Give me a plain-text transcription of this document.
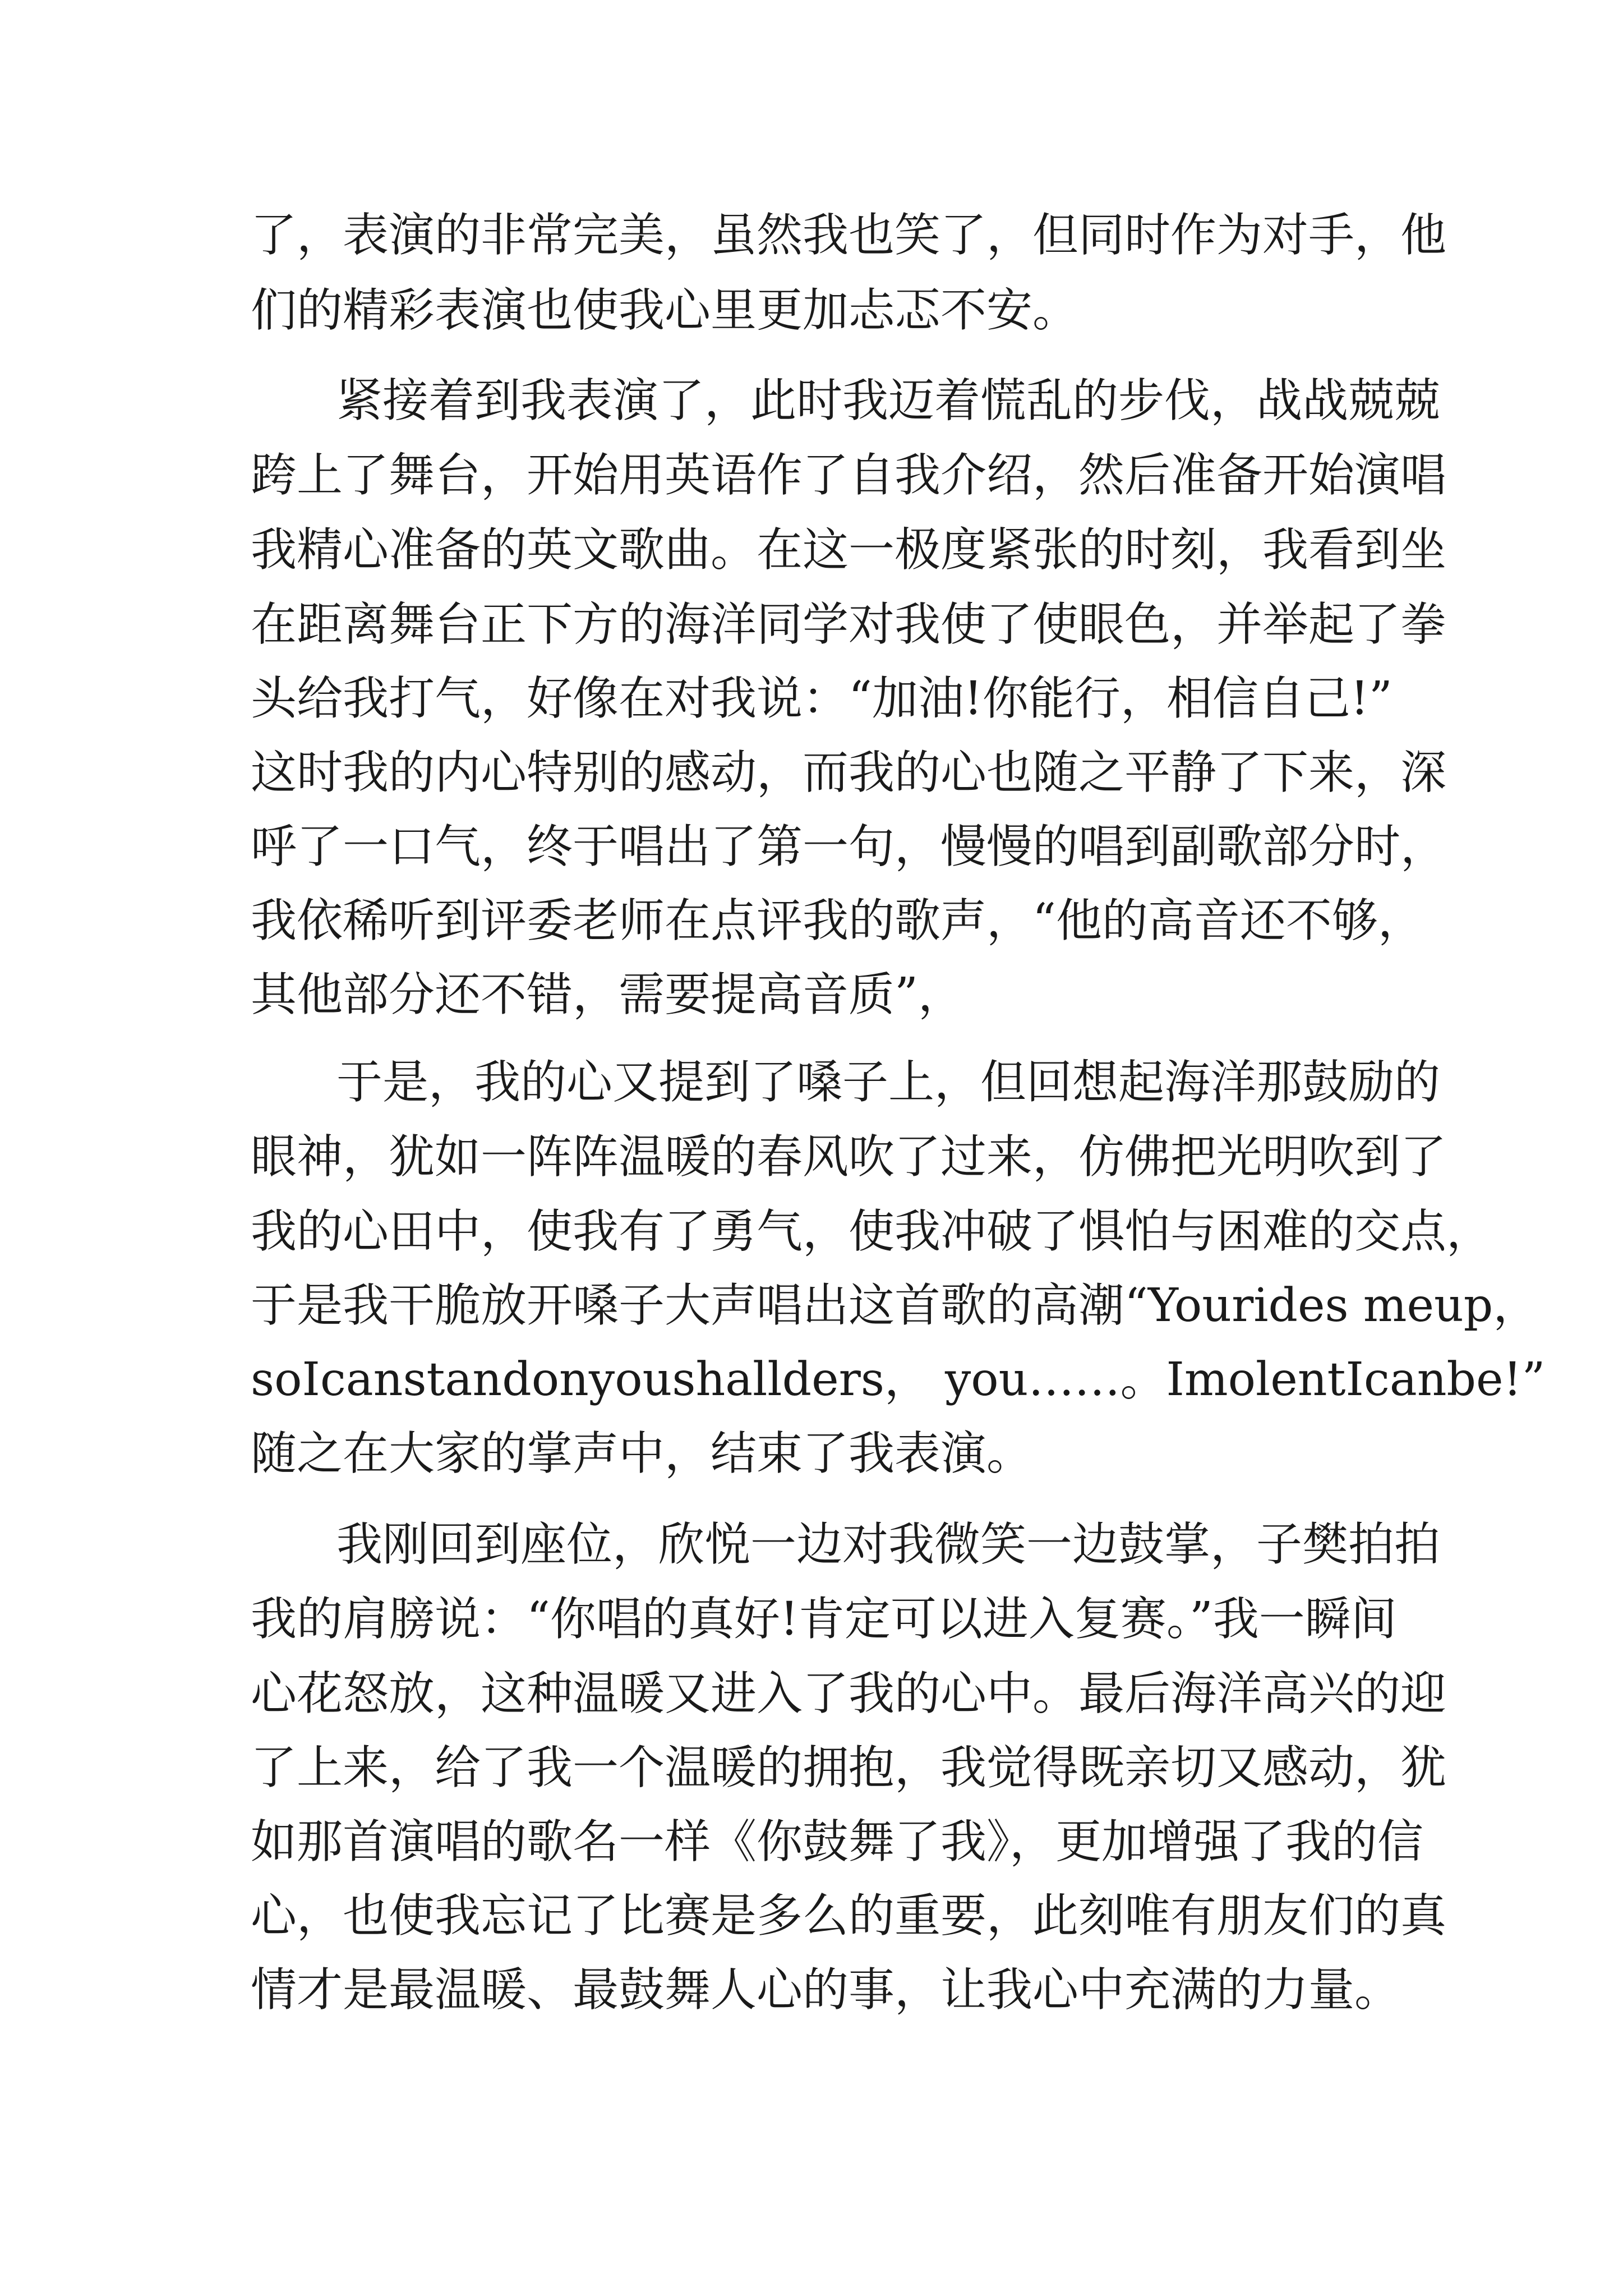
了，表演的非常完美，虽然我也笑了，但同时作为对手，他

们的精彩表演也使我心里更加忐忑不安。

紧接着到我表演了，此时我迈着慌乱的步伐，战战兢兢

跨上了舞台，开始用英语作了自我介绍，然后准备开始演唱

我精心准备的英文歌曲。在这一极度紧张的时刻，我看到坐

在距离舞台正下方的海洋同学对我使了使眼色，并举起了拳

头给我打气，好像在对我说：“加油!你能行，相信自己!”

这时我的内心特别的感动，而我的心也随之平静了下来，深

呼了一口气，终于唱出了第一句，慢慢的唱到副歌部分时，

我依稀听到评委老师在点评我的歌声，“他的高音还不够，

其他部分还不错，需要提高音质”，

于是，我的心又提到了嗓子上，但回想起海洋那鼓励的

眼神，犹如一阵阵温暖的春风吹了过来，仿佛把光明吹到了

我的心田中，使我有了勇气，使我冲破了惧怕与困难的交点，

于是我干脆放开嗓子大声唱出这首歌的高潮“Yourides meup，

soIcanstandonyoushallders， you……。ImolentIcanbe!”

随之在大家的掌声中，结束了我表演。

我刚回到座位，欣悦一边对我微笑一边鼓掌，子樊拍拍

我的肩膀说：“你唱的真好!肯定可以进入复赛。”我一瞬间

心花怒放，这种温暖又进入了我的心中。最后海洋高兴的迎

了上来，给了我一个温暖的拥抱，我觉得既亲切又感动，犹

如那首演唱的歌名一样《你鼓舞了我》，更加增强了我的信

心，也使我忘记了比赛是多么的重要，此刻唯有朋友们的真

情才是最温暖、最鼓舞人心的事，让我心中充满的力量。
